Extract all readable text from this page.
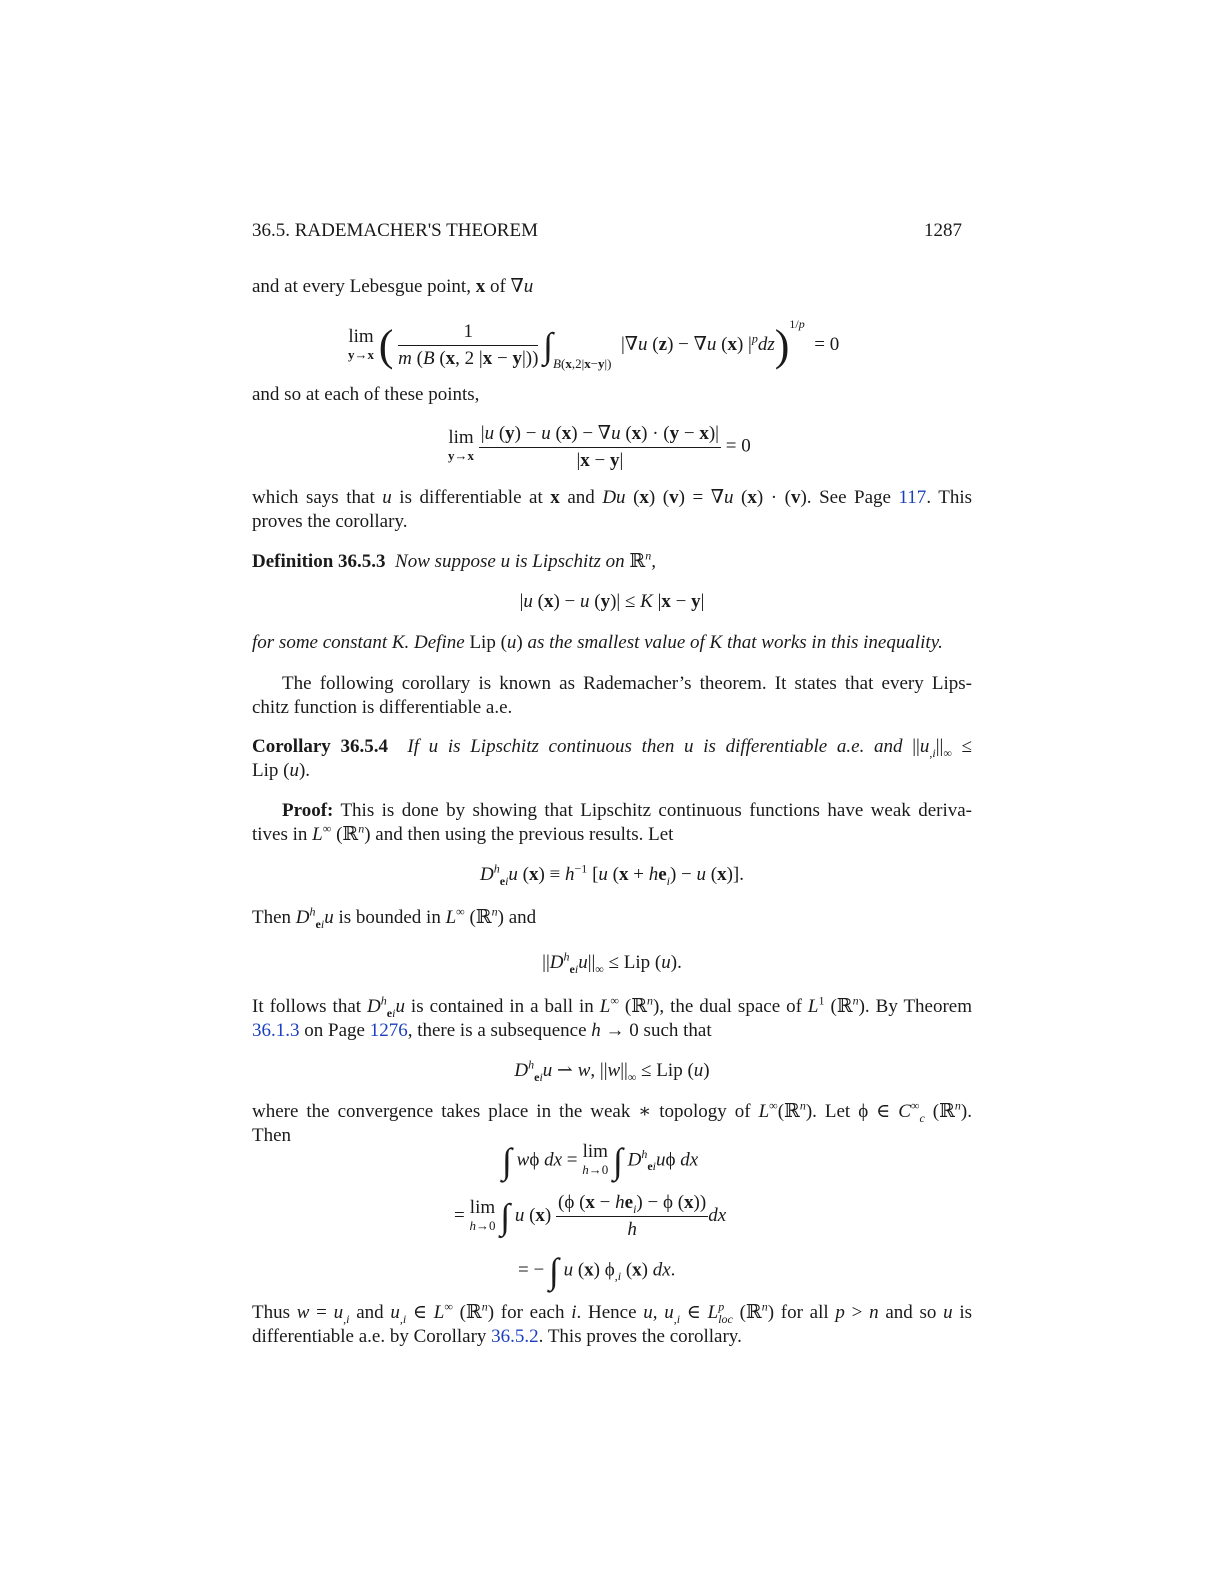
36.5. RADEMACHER'S THEOREM	1287
and at every Lebesgue point, x of ∇u
lim
y→x ( $\frac{1}{m (B (x, 2 |x - y|))} \int_{B(x,2|x-y|)}$  |∇u (z) − ∇u (x) $|^pdz)^{1/p} = 0$
and so at each of these points,
lim
y→x
$\frac{|u (y) - u (x) - \nabla u (x) \cdot (y - x)|}{|x - y|} = 0$
which says that u is differentiable at x and Du (x) (v) = ∇u (x) · (v). See Page 117. This
proves the corollary.
Definition 36.5.3 Now suppose u is Lipschitz on ℝ$^n$,
|u (x) − u (y)| ≤ K |x − y|
for some constant K. Define Lip (u) as the smallest value of K that works in this inequality.
The following corollary is known as Rademacher’s theorem. It states that every Lips-
chitz function is differentiable a.e.
Corollary 36.5.4 If u is Lipschitz continuous then u is differentiable a.e. and $||u_{,i}||_\infty$ ≤
Lip (u).
Proof: This is done by showing that Lipschitz continuous functions have weak deriva-
tives in L∞ (ℝ$^n$) and then using the previous results. Let
$D^h_{ei}u$ $(x) \equiv h^{-1}$ [u $(x + he_i) - u$ (x)].
Then $D^h_{ei}u$ is bounded in L∞ (ℝ$^n$) and
$||D^h_{ei}u||_\infty$ ≤ Lip (u).
It follows that $D^h_{ei}u$ is contained in a ball in L∞ (ℝ$^n$), the dual space of $L^1$ (ℝ$^n$). By Theorem
36.1.3 on Page 1276, there is a subsequence h → 0 such that
$D^h_{ei}u$ ⇀ w, $||w||_\infty$ ≤ Lip (u)
where the convergence takes place in the weak ∗ topology of L∞(ℝ$^n$). Let ϕ ∈ $C^\infty_c$ (ℝ$^n$).
Then
∫ wϕ dx = lim
h→0 ∫ $D^h_{ei}u\phi$ dx
= lim
h→0 ∫ u (x)
(ϕ $(x - he_i) - \phi$ (x))
h
dx
= − ∫ u (x) $\phi_{,i}$ (x) dx.
Thus $w = u_{,i}$ and $u_{,i}$ ∈ L∞ (ℝ$^n$) for each i. Hence u, $u_{,i}$ ∈ $L^p_{loc}$ (ℝ$^n$) for all p > n and so u is
differentiable a.e. by Corollary 36.5.2. This proves the corollary.
